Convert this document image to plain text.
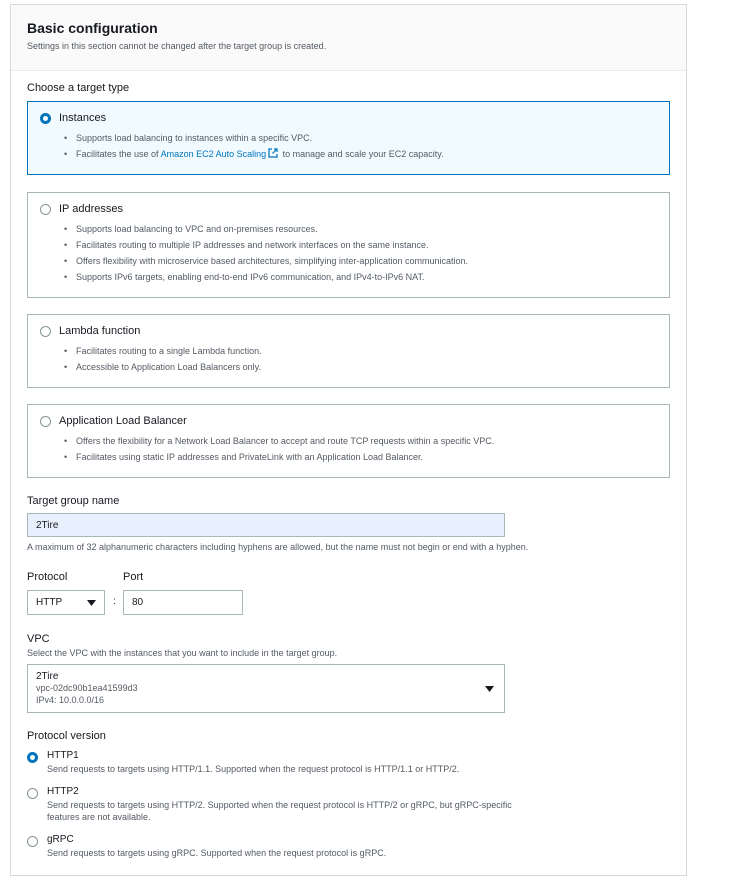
Basic configuration
Settings in this section cannot be changed after the target group is created.
Choose a target type
Instances
• Supports load balancing to instances within a specific VPC.
• Facilitates the use of Amazon EC2 Auto Scaling to manage and scale your EC2 capacity.
IP addresses
• Supports load balancing to VPC and on-premises resources.
• Facilitates routing to multiple IP addresses and network interfaces on the same instance.
• Offers flexibility with microservice based architectures, simplifying inter-application communication.
• Supports IPv6 targets, enabling end-to-end IPv6 communication, and IPv4-to-IPv6 NAT.
Lambda function
• Facilitates routing to a single Lambda function.
• Accessible to Application Load Balancers only.
Application Load Balancer
• Offers the flexibility for a Network Load Balancer to accept and route TCP requests within a specific VPC.
• Facilitates using static IP addresses and PrivateLink with an Application Load Balancer.
Target group name
2Tire
A maximum of 32 alphanumeric characters including hyphens are allowed, but the name must not begin or end with a hyphen.
Protocol	Port
HTTP	:	80
VPC
Select the VPC with the instances that you want to include in the target group.
2Tire
vpc-02dc90b1ea41599d3
IPv4: 10.0.0.0/16
Protocol version
HTTP1
Send requests to targets using HTTP/1.1. Supported when the request protocol is HTTP/1.1 or HTTP/2.
HTTP2
Send requests to targets using HTTP/2. Supported when the request protocol is HTTP/2 or gRPC, but gRPC-specific features are not available.
gRPC
Send requests to targets using gRPC. Supported when the request protocol is gRPC.
